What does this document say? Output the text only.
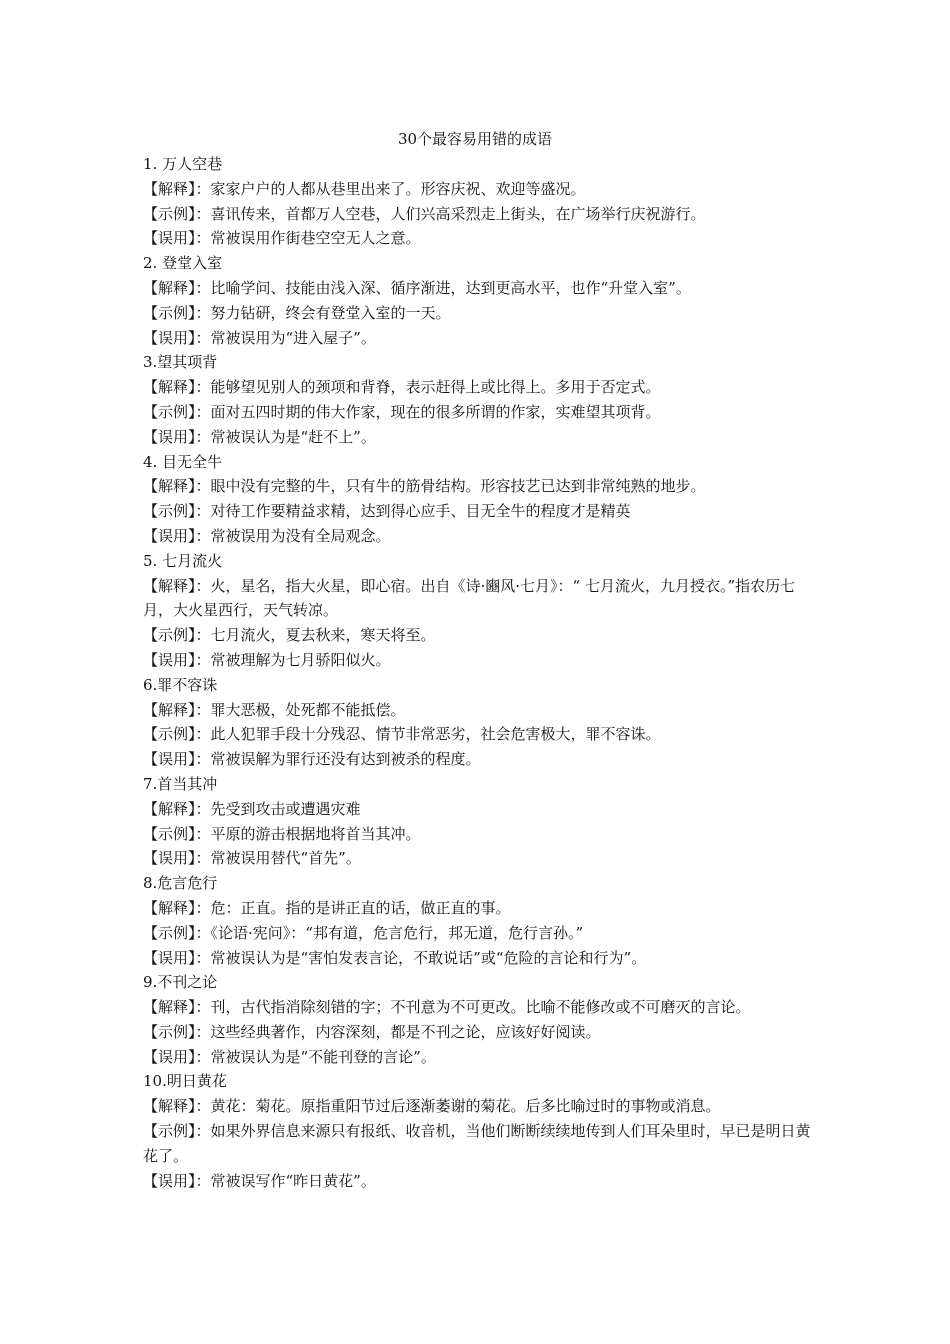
30个最容易用错的成语

1. 万人空巷

【解释】：家家户户的人都从巷里出来了。形容庆祝、欢迎等盛况。

【示例】：喜讯传来，首都万人空巷，人们兴高采烈走上街头，在广场举行庆祝游行。

【误用】：常被误用作街巷空空无人之意。

2. 登堂入室

【解释】：比喻学问、技能由浅入深、循序渐进，达到更高水平，也作“升堂入室”。

【示例】：努力钻研，终会有登堂入室的一天。

【误用】：常被误用为“进入屋子”。

3.望其项背

【解释】：能够望见别人的颈项和背脊，表示赶得上或比得上。多用于否定式。

【示例】：面对五四时期的伟大作家，现在的很多所谓的作家，实难望其项背。

【误用】：常被误认为是“赶不上”。

4. 目无全牛

【解释】：眼中没有完整的牛，只有牛的筋骨结构。形容技艺已达到非常纯熟的地步。

【示例】：对待工作要精益求精，达到得心应手、目无全牛的程度才是精英

【误用】：常被误用为没有全局观念。

5. 七月流火

【解释】：火，星名，指大火星，即心宿。出自《诗·豳风·七月》：“ 七月流火，九月授衣。”指农历七月，大火星西行，天气转凉。

【示例】：七月流火，夏去秋来，寒天将至。

【误用】：常被理解为七月骄阳似火。

6.罪不容诛

【解释】：罪大恶极，处死都不能抵偿。

【示例】：此人犯罪手段十分残忍、情节非常恶劣，社会危害极大，罪不容诛。

【误用】：常被误解为罪行还没有达到被杀的程度。

7.首当其冲

【解释】：先受到攻击或遭遇灾难

【示例】：平原的游击根据地将首当其冲。

【误用】：常被误用替代“首先”。

8.危言危行

【解释】：危：正直。指的是讲正直的话，做正直的事。

【示例】：《论语·宪问》：“邦有道，危言危行，邦无道，危行言孙。”

【误用】：常被误认为是“害怕发表言论，不敢说话”或“危险的言论和行为”。

9.不刊之论

【解释】：刊，古代指消除刻错的字；不刊意为不可更改。比喻不能修改或不可磨灭的言论。

【示例】：这些经典著作，内容深刻，都是不刊之论，应该好好阅读。

【误用】：常被误认为是“不能刊登的言论”。

10.明日黄花

【解释】：黄花：菊花。原指重阳节过后逐渐萎谢的菊花。后多比喻过时的事物或消息。

【示例】：如果外界信息来源只有报纸、收音机，当他们断断续续地传到人们耳朵里时，早已是明日黄花了。

【误用】：常被误写作“昨日黄花”。
